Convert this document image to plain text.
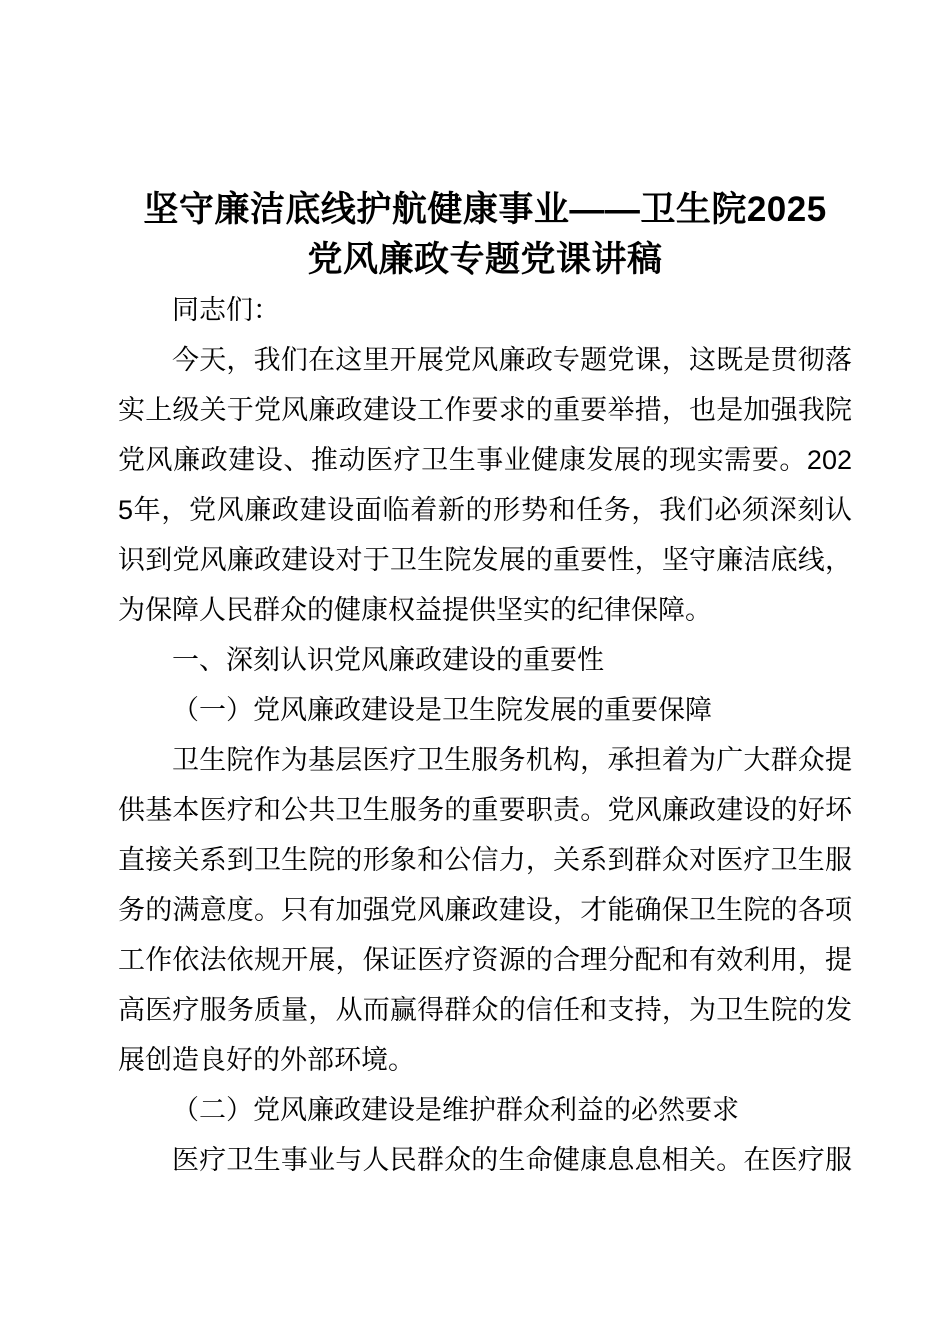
坚守廉洁底线护航健康事业——卫生院2025
党风廉政专题党课讲稿

同志们：

今天，我们在这里开展党风廉政专题党课，这既是贯彻落实上级关于党风廉政建设工作要求的重要举措，也是加强我院党风廉政建设、推动医疗卫生事业健康发展的现实需要。2025年，党风廉政建设面临着新的形势和任务，我们必须深刻认识到党风廉政建设对于卫生院发展的重要性，坚守廉洁底线，为保障人民群众的健康权益提供坚实的纪律保障。

一、深刻认识党风廉政建设的重要性

（一）党风廉政建设是卫生院发展的重要保障

卫生院作为基层医疗卫生服务机构，承担着为广大群众提供基本医疗和公共卫生服务的重要职责。党风廉政建设的好坏直接关系到卫生院的形象和公信力，关系到群众对医疗卫生服务的满意度。只有加强党风廉政建设，才能确保卫生院的各项工作依法依规开展，保证医疗资源的合理分配和有效利用，提高医疗服务质量，从而赢得群众的信任和支持，为卫生院的发展创造良好的外部环境。

（二）党风廉政建设是维护群众利益的必然要求

医疗卫生事业与人民群众的生命健康息息相关。在医疗服
